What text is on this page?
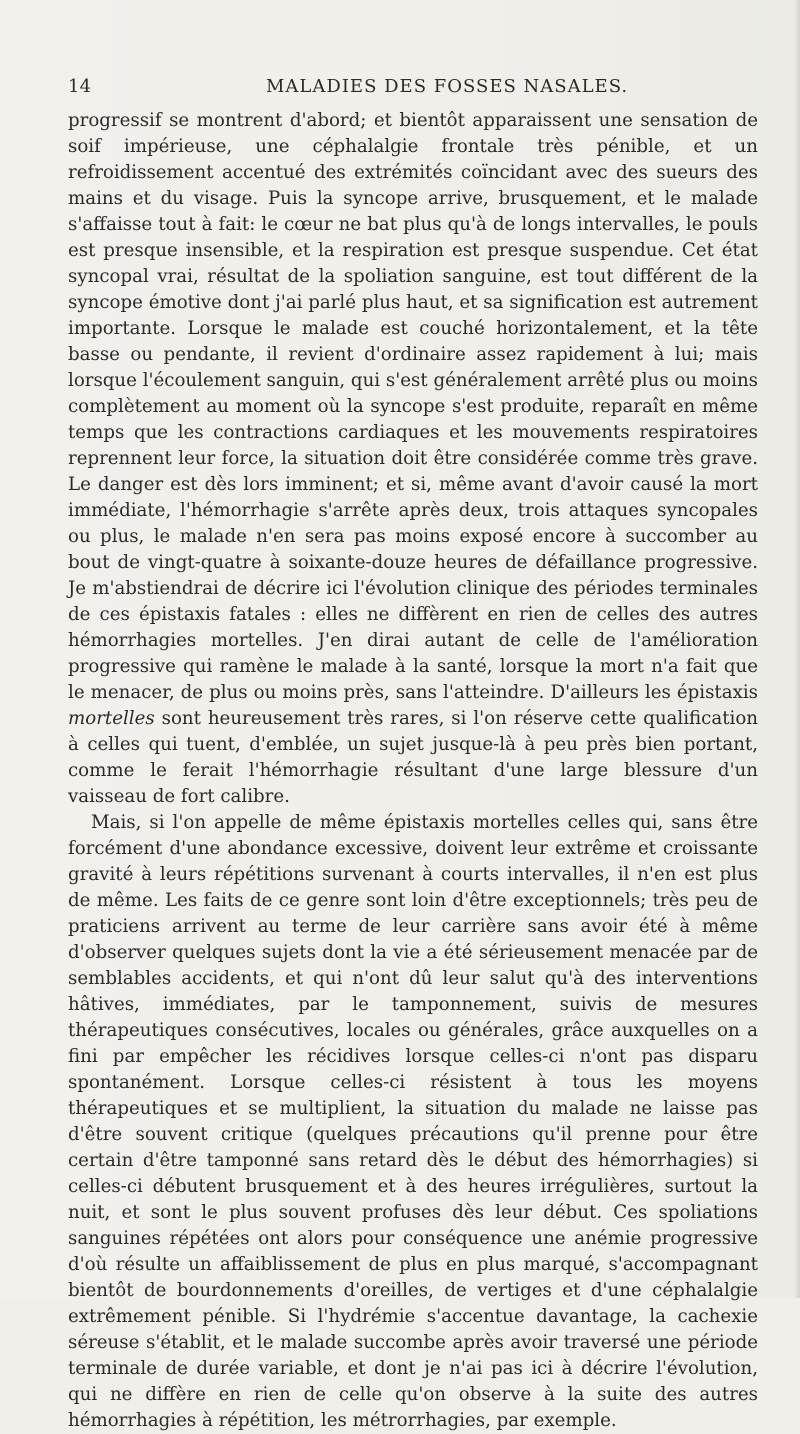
14	MALADIES DES FOSSES NASALES.

progressif se montrent d'abord; et bientôt apparaissent une sensation de soif impérieuse, une céphalalgie frontale très pénible, et un refroidissement accentué des extrémités coïncidant avec des sueurs des mains et du visage. Puis la syncope arrive, brusquement, et le malade s'affaisse tout à fait: le cœur ne bat plus qu'à de longs intervalles, le pouls est presque insensible, et la respiration est presque suspendue. Cet état syncopal vrai, résultat de la spoliation sanguine, est tout différent de la syncope émotive dont j'ai parlé plus haut, et sa signification est autrement importante. Lorsque le malade est couché horizontalement, et la tête basse ou pendante, il revient d'ordinaire assez rapidement à lui; mais lorsque l'écoulement sanguin, qui s'est généralement arrêté plus ou moins complètement au moment où la syncope s'est produite, reparaît en même temps que les contractions cardiaques et les mouvements respiratoires reprennent leur force, la situation doit être considérée comme très grave. Le danger est dès lors imminent; et si, même avant d'avoir causé la mort immédiate, l'hémorrhagie s'arrête après deux, trois attaques syncopales ou plus, le malade n'en sera pas moins exposé encore à succomber au bout de vingt-quatre à soixante-douze heures de défaillance progressive. Je m'abstiendrai de décrire ici l'évolution clinique des périodes terminales de ces épistaxis fatales : elles ne diffèrent en rien de celles des autres hémorrhagies mortelles. J'en dirai autant de celle de l'amélioration progressive qui ramène le malade à la santé, lorsque la mort n'a fait que le menacer, de plus ou moins près, sans l'atteindre. D'ailleurs les épistaxis mortelles sont heureusement très rares, si l'on réserve cette qualification à celles qui tuent, d'emblée, un sujet jusque-là à peu près bien portant, comme le ferait l'hémorrhagie résultant d'une large blessure d'un vaisseau de fort calibre.

Mais, si l'on appelle de même épistaxis mortelles celles qui, sans être forcément d'une abondance excessive, doivent leur extrême et croissante gravité à leurs répétitions survenant à courts intervalles, il n'en est plus de même. Les faits de ce genre sont loin d'être exceptionnels; très peu de praticiens arrivent au terme de leur carrière sans avoir été à même d'observer quelques sujets dont la vie a été sérieusement menacée par de semblables accidents, et qui n'ont dû leur salut qu'à des interventions hâtives, immédiates, par le tamponnement, suivis de mesures thérapeutiques consécutives, locales ou générales, grâce auxquelles on a fini par empêcher les récidives lorsque celles-ci n'ont pas disparu spontanément. Lorsque celles-ci résistent à tous les moyens thérapeutiques et se multiplient, la situation du malade ne laisse pas d'être souvent critique (quelques précautions qu'il prenne pour être certain d'être tamponné sans retard dès le début des hémorrhagies) si celles-ci débutent brusquement et à des heures irrégulières, surtout la nuit, et sont le plus souvent profuses dès leur début. Ces spoliations sanguines répétées ont alors pour conséquence une anémie progressive d'où résulte un affaiblissement de plus en plus marqué, s'accompagnant bientôt de bourdonnements d'oreilles, de vertiges et d'une céphalalgie extrêmement pénible. Si l'hydrémie s'accentue davantage, la cachexie séreuse s'établit, et le malade succombe après avoir traversé une période terminale de durée variable, et dont je n'ai pas ici à décrire l'évolution, qui ne diffère en rien de celle qu'on observe à la suite des autres hémorrhagies à répétition, les métrorrhagies, par exemple.
